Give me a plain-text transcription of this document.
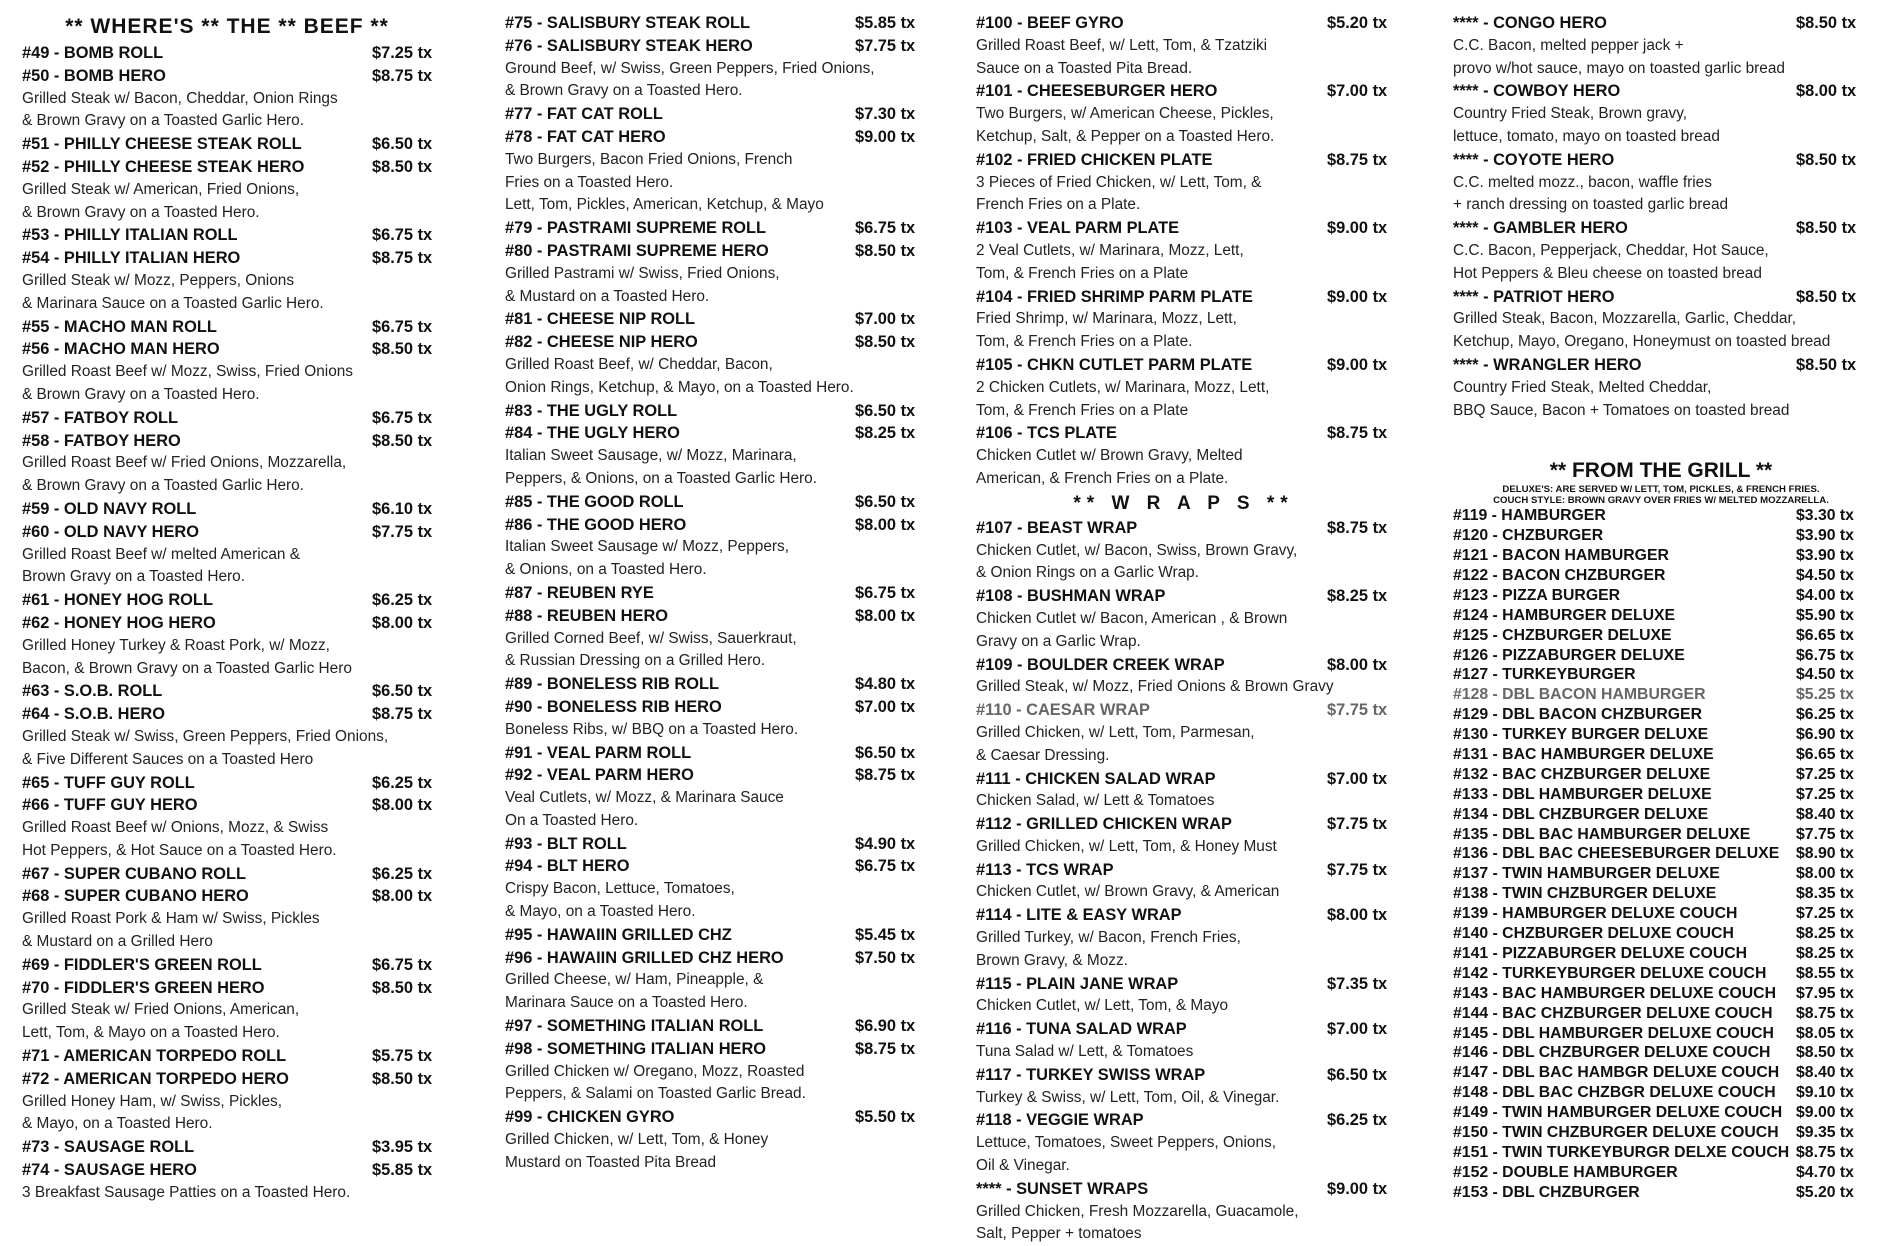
** WHERE'S ** THE ** BEEF **
#49 - BOMB ROLL	$7.25 tx
#50 - BOMB HERO	$8.75 tx
Grilled Steak w/ Bacon, Cheddar, Onion Rings
& Brown Gravy on a Toasted Garlic Hero.
#51 - PHILLY CHEESE STEAK ROLL	$6.50 tx
#52 - PHILLY CHEESE STEAK HERO	$8.50 tx
Grilled Steak w/ American, Fried Onions,
& Brown Gravy on a Toasted Hero.
#53 - PHILLY ITALIAN ROLL	$6.75 tx
#54 - PHILLY ITALIAN HERO	$8.75 tx
Grilled Steak w/ Mozz, Peppers, Onions
& Marinara Sauce on a Toasted Garlic Hero.
#55 - MACHO MAN ROLL	$6.75 tx
#56 - MACHO MAN HERO	$8.50 tx
Grilled Roast Beef w/ Mozz, Swiss, Fried Onions
& Brown Gravy on a Toasted Hero.
#57 - FATBOY ROLL	$6.75 tx
#58 - FATBOY HERO	$8.50 tx
Grilled Roast Beef w/ Fried Onions, Mozzarella,
& Brown Gravy on a Toasted Garlic Hero.
#59 - OLD NAVY ROLL	$6.10 tx
#60 - OLD NAVY HERO	$7.75 tx
Grilled Roast Beef w/ melted American &
Brown Gravy on a Toasted Hero.
#61 - HONEY HOG ROLL	$6.25 tx
#62 - HONEY HOG HERO	$8.00 tx
Grilled Honey Turkey & Roast Pork, w/ Mozz,
Bacon, & Brown Gravy on a Toasted Garlic Hero
#63 - S.O.B. ROLL	$6.50 tx
#64 - S.O.B. HERO	$8.75 tx
Grilled Steak w/ Swiss, Green Peppers, Fried Onions,
& Five Different Sauces on a Toasted Hero
#65 - TUFF GUY ROLL	$6.25 tx
#66 - TUFF GUY HERO	$8.00 tx
Grilled Roast Beef w/ Onions, Mozz, & Swiss
Hot Peppers, & Hot Sauce on a Toasted Hero.
#67 - SUPER CUBANO ROLL	$6.25 tx
#68 - SUPER CUBANO HERO	$8.00 tx
Grilled Roast Pork & Ham w/ Swiss, Pickles
& Mustard on a Grilled Hero
#69 - FIDDLER'S GREEN ROLL	$6.75 tx
#70 - FIDDLER'S GREEN HERO	$8.50 tx
Grilled Steak w/ Fried Onions, American,
Lett, Tom, & Mayo on a Toasted Hero.
#71 - AMERICAN TORPEDO ROLL	$5.75 tx
#72 - AMERICAN TORPEDO HERO	$8.50 tx
Grilled Honey Ham, w/ Swiss, Pickles,
& Mayo, on a Toasted Hero.
#73 - SAUSAGE ROLL	$3.95 tx
#74 - SAUSAGE HERO	$5.85 tx
3 Breakfast Sausage Patties on a Toasted Hero.
#75 - SALISBURY STEAK ROLL	$5.85 tx
#76 - SALISBURY STEAK HERO	$7.75 tx
Ground Beef, w/ Swiss, Green Peppers, Fried Onions,
& Brown Gravy on a Toasted Hero.
#77 - FAT CAT ROLL	$7.30 tx
#78 - FAT CAT HERO	$9.00 tx
Two Burgers, Bacon Fried Onions, French
Fries on a Toasted Hero.
Lett, Tom, Pickles, American, Ketchup, & Mayo
#79 - PASTRAMI SUPREME ROLL	$6.75 tx
#80 - PASTRAMI SUPREME HERO	$8.50 tx
Grilled Pastrami w/ Swiss, Fried Onions,
& Mustard on a Toasted Hero.
#81 - CHEESE NIP ROLL	$7.00 tx
#82 - CHEESE NIP HERO	$8.50 tx
Grilled Roast Beef, w/ Cheddar, Bacon,
Onion Rings, Ketchup, & Mayo, on a Toasted Hero.
#83 - THE UGLY ROLL	$6.50 tx
#84 - THE UGLY HERO	$8.25 tx
Italian Sweet Sausage, w/ Mozz, Marinara,
Peppers, & Onions, on a Toasted Garlic Hero.
#85 - THE GOOD ROLL	$6.50 tx
#86 - THE GOOD HERO	$8.00 tx
Italian Sweet Sausage w/ Mozz, Peppers,
& Onions, on a Toasted Hero.
#87 - REUBEN RYE	$6.75 tx
#88 - REUBEN HERO	$8.00 tx
Grilled Corned Beef, w/ Swiss, Sauerkraut,
& Russian Dressing on a Grilled Hero.
#89 - BONELESS RIB ROLL	$4.80 tx
#90 - BONELESS RIB HERO	$7.00 tx
Boneless Ribs, w/ BBQ on a Toasted Hero.
#91 - VEAL PARM ROLL	$6.50 tx
#92 - VEAL PARM HERO	$8.75 tx
Veal Cutlets, w/ Mozz, & Marinara Sauce
On a Toasted Hero.
#93 - BLT ROLL	$4.90 tx
#94 - BLT HERO	$6.75 tx
Crispy Bacon, Lettuce, Tomatoes,
& Mayo, on a Toasted Hero.
#95 - HAWAIIN GRILLED CHZ	$5.45 tx
#96 - HAWAIIN GRILLED CHZ HERO	$7.50 tx
Grilled Cheese, w/ Ham, Pineapple, &
Marinara Sauce on a Toasted Hero.
#97 - SOMETHING ITALIAN ROLL	$6.90 tx
#98 - SOMETHING ITALIAN HERO	$8.75 tx
Grilled Chicken w/ Oregano, Mozz, Roasted
Peppers, & Salami on Toasted Garlic Bread.
#99 - CHICKEN GYRO	$5.50 tx
Grilled Chicken, w/ Lett, Tom, & Honey
Mustard on Toasted Pita Bread
#100 - BEEF GYRO	$5.20 tx
Grilled Roast Beef, w/ Lett, Tom, & Tzatziki
Sauce on a Toasted Pita Bread.
#101 - CHEESEBURGER HERO	$7.00 tx
Two Burgers, w/ American Cheese, Pickles,
Ketchup, Salt, & Pepper on a Toasted Hero.
#102 - FRIED CHICKEN PLATE	$8.75 tx
3 Pieces of Fried Chicken, w/ Lett, Tom, &
French Fries on a Plate.
#103 - VEAL PARM PLATE	$9.00 tx
2 Veal Cutlets, w/ Marinara, Mozz, Lett,
Tom, & French Fries on a Plate
#104 - FRIED SHRIMP PARM PLATE	$9.00 tx
Fried Shrimp, w/ Marinara, Mozz, Lett,
Tom, & French Fries on a Plate.
#105 - CHKN CUTLET PARM PLATE	$9.00 tx
2 Chicken Cutlets, w/ Marinara, Mozz, Lett,
Tom, & French Fries on a Plate
#106 - TCS PLATE	$8.75 tx
Chicken Cutlet w/ Brown Gravy, Melted
American, & French Fries on a Plate.
** W R A P S **
#107 - BEAST WRAP	$8.75 tx
Chicken Cutlet, w/ Bacon, Swiss, Brown Gravy,
& Onion Rings on a Garlic Wrap.
#108 - BUSHMAN WRAP	$8.25 tx
Chicken Cutlet w/ Bacon, American , & Brown
Gravy on a Garlic Wrap.
#109 - BOULDER CREEK WRAP	$8.00 tx
Grilled Steak, w/ Mozz, Fried Onions & Brown Gravy
#110 - CAESAR WRAP	$7.75 tx
Grilled Chicken, w/ Lett, Tom, Parmesan,
& Caesar Dressing.
#111 - CHICKEN SALAD WRAP	$7.00 tx
Chicken Salad, w/ Lett & Tomatoes
#112 - GRILLED CHICKEN WRAP	$7.75 tx
Grilled Chicken, w/ Lett, Tom, & Honey Must
#113 - TCS WRAP	$7.75 tx
Chicken Cutlet, w/ Brown Gravy, & American
#114 - LITE & EASY WRAP	$8.00 tx
Grilled Turkey, w/ Bacon, French Fries,
Brown Gravy, & Mozz.
#115 - PLAIN JANE WRAP	$7.35 tx
Chicken Cutlet, w/ Lett, Tom, & Mayo
#116 - TUNA SALAD WRAP	$7.00 tx
Tuna Salad w/ Lett, & Tomatoes
#117 - TURKEY SWISS WRAP	$6.50 tx
Turkey & Swiss, w/ Lett, Tom, Oil, & Vinegar.
#118 - VEGGIE WRAP	$6.25 tx
Lettuce, Tomatoes, Sweet Peppers, Onions,
Oil & Vinegar.
**** - SUNSET WRAPS	$9.00 tx
Grilled Chicken, Fresh Mozzarella, Guacamole,
Salt, Pepper + tomatoes
**** - CONGO HERO	$8.50 tx
C.C. Bacon, melted pepper jack +
provo w/hot sauce, mayo on toasted garlic bread
**** - COWBOY HERO	$8.00 tx
Country Fried Steak, Brown gravy,
lettuce, tomato, mayo on toasted bread
**** - COYOTE HERO	$8.50 tx
C.C. melted mozz., bacon, waffle fries
+ ranch dressing on toasted garlic bread
**** - GAMBLER HERO	$8.50 tx
C.C. Bacon, Pepperjack, Cheddar, Hot Sauce,
Hot Peppers & Bleu cheese on toasted bread
**** - PATRIOT HERO	$8.50 tx
Grilled Steak, Bacon, Mozzarella, Garlic, Cheddar,
Ketchup, Mayo, Oregano, Honeymust on toasted bread
**** - WRANGLER HERO	$8.50 tx
Country Fried Steak, Melted Cheddar,
BBQ Sauce, Bacon + Tomatoes on toasted bread
** FROM THE GRILL **
DELUXE'S: ARE SERVED W/ LETT, TOM, PICKLES, & FRENCH FRIES.
COUCH STYLE: BROWN GRAVY OVER FRIES W/ MELTED MOZZARELLA.
#119 - HAMBURGER	$3.30 tx
#120 - CHZBURGER	$3.90 tx
#121 - BACON HAMBURGER	$3.90 tx
#122 - BACON CHZBURGER	$4.50 tx
#123 - PIZZA BURGER	$4.00 tx
#124 - HAMBURGER DELUXE	$5.90 tx
#125 - CHZBURGER DELUXE	$6.65 tx
#126 - PIZZABURGER DELUXE	$6.75 tx
#127 - TURKEYBURGER	$4.50 tx
#128 - DBL BACON HAMBURGER	$5.25 tx
#129 - DBL BACON CHZBURGER	$6.25 tx
#130 - TURKEY BURGER DELUXE	$6.90 tx
#131 - BAC HAMBURGER DELUXE	$6.65 tx
#132 - BAC CHZBURGER DELUXE	$7.25 tx
#133 - DBL HAMBURGER DELUXE	$7.25 tx
#134 - DBL CHZBURGER DELUXE	$8.40 tx
#135 - DBL BAC HAMBURGER DELUXE	$7.75 tx
#136 - DBL BAC CHEESEBURGER DELUXE $8.90 tx
#137 - TWIN HAMBURGER DELUXE	$8.00 tx
#138 - TWIN CHZBURGER DELUXE	$8.35 tx
#139 - HAMBURGER DELUXE COUCH	$7.25 tx
#140 - CHZBURGER DELUXE COUCH	$8.25 tx
#141 - PIZZABURGER DELUXE COUCH	$8.25 tx
#142 - TURKEYBURGER DELUXE COUCH $8.55 tx
#143 - BAC HAMBURGER DELUXE COUCH $7.95 tx
#144 - BAC CHZBURGER DELUXE COUCH $8.75 tx
#145 - DBL HAMBURGER DELUXE COUCH $8.05 tx
#146 - DBL CHZBURGER DELUXE COUCH $8.50 tx
#147 - DBL BAC HAMBGR DELUXE COUCH $8.40 tx
#148 - DBL BAC CHZBGR DELUXE COUCH $9.10 tx
#149 - TWIN HAMBURGER DELUXE COUCH $9.00 tx
#150 - TWIN CHZBURGER DELUXE COUCH $9.35 tx
#151 - TWIN TURKEYBURGR DELXE COUCH $8.75 tx
#152 - DOUBLE HAMBURGER	$4.70 tx
#153 - DBL CHZBURGER	$5.20 tx
